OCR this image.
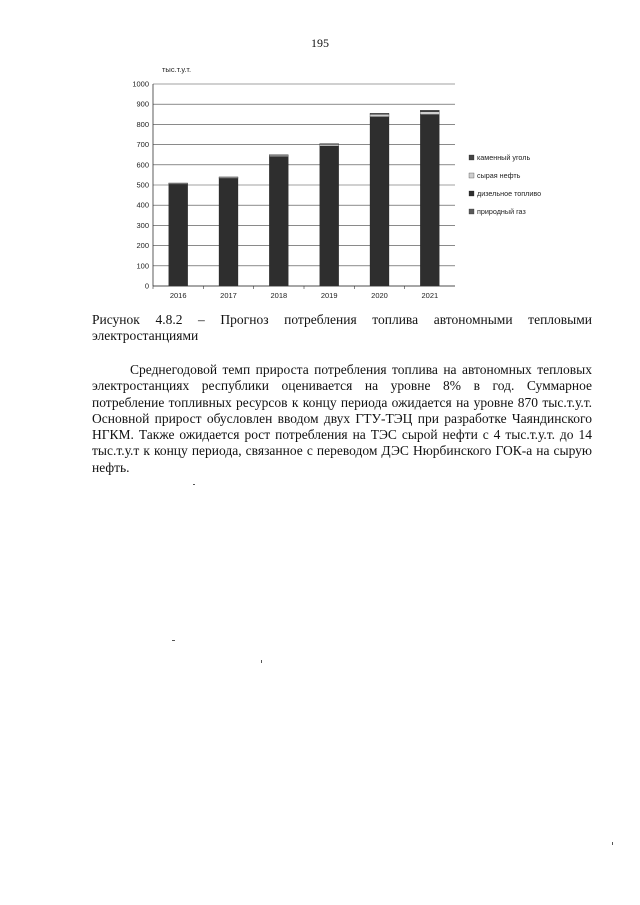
195
тыс.т.у.т.
0
100
200
300
400
500
600
700
800
900
1000
2016	2017	2018	2019	2020	2021
каменный уголь
сырая нефть
дизельное топливо
природный газ
Рисунок 4.8.2 – Прогноз потребления топлива автономными тепловыми
электростанциями
Среднегодовой темп прироста потребления топлива на автономных тепловых электростанциях республики оценивается на уровне 8% в год. Суммарное потребление топливных ресурсов к концу периода ожидается на уровне 870 тыс.т.у.т. Основной прирост обусловлен вводом двух ГТУ-ТЭЦ при разработке Чаяндинского НГКМ. Также ожидается рост потребления на ТЭС сырой нефти с 4 тыс.т.у.т. до 14 тыс.т.у.т к концу периода, связанное с переводом ДЭС Нюрбинского ГОК-а на сырую нефть.
